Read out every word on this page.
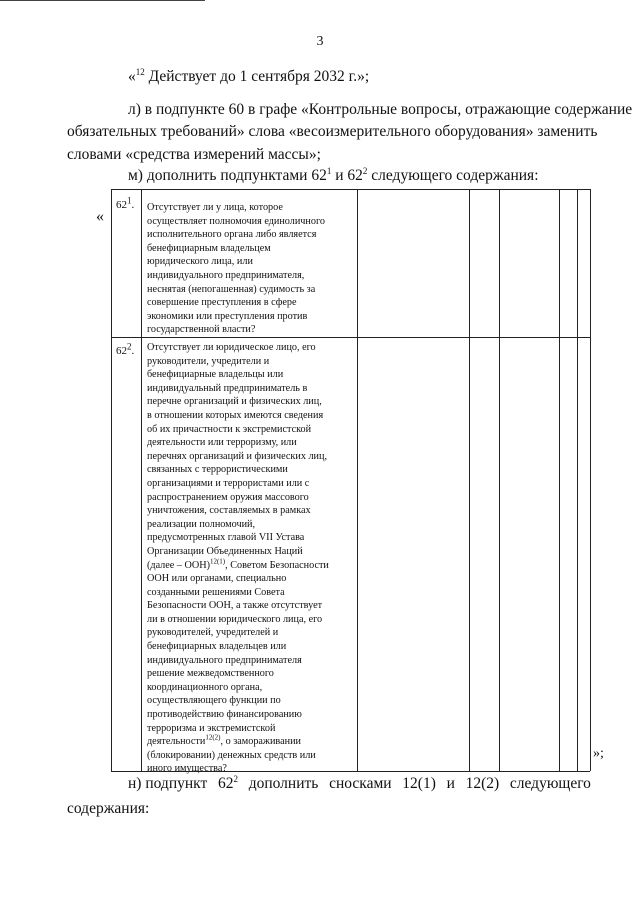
3
«$^{12}$ Действует до 1 сентября 2032 г.»;
л) в подпункте 60 в графе «Контрольные вопросы, отражающие содержание
обязательных требований» слова «весоизмерительного оборудования» заменить
словами «средства измерений массы»;
м) дополнить подпунктами $62^1$ и $62^2$ следующего содержания:
«
$62^1$. Отсутствует ли у лица, которое
осуществляет полномочия единоличного
исполнительного органа либо является
бенефициарным владельцем
юридического лица, или
индивидуального предпринимателя,
неснятая (непогашенная) судимость за
совершение преступления в сфере
экономики или преступления против
государственной власти?
$62^2$. Отсутствует ли юридическое лицо, его
руководители, учредители и
бенефициарные владельцы или
индивидуальный предприниматель в
перечне организаций и физических лиц,
в отношении которых имеются сведения
об их причастности к экстремистской
деятельности или терроризму, или
перечнях организаций и физических лиц,
связанных с террористическими
организациями и террористами или с
распространением оружия массового
уничтожения, составляемых в рамках
реализации полномочий,
предусмотренных главой VII Устава
Организации Объединенных Наций
(далее – ООН)$^{12(1)}$, Советом Безопасности
ООН или органами, специально
созданными решениями Совета
Безопасности ООН, а также отсутствует
ли в отношении юридического лица, его
руководителей, учредителей и
бенефициарных владельцев или
индивидуального предпринимателя
решение межведомственного
координационного органа,
осуществляющего функции по
противодействию финансированию
терроризма и экстремистской
деятельности$^{12(2)}$, о замораживании
(блокировании) денежных средств или
иного имущества?
»;
н) подпункт $62^2$ дополнить сносками 12(1) и 12(2) следующего
содержания:
